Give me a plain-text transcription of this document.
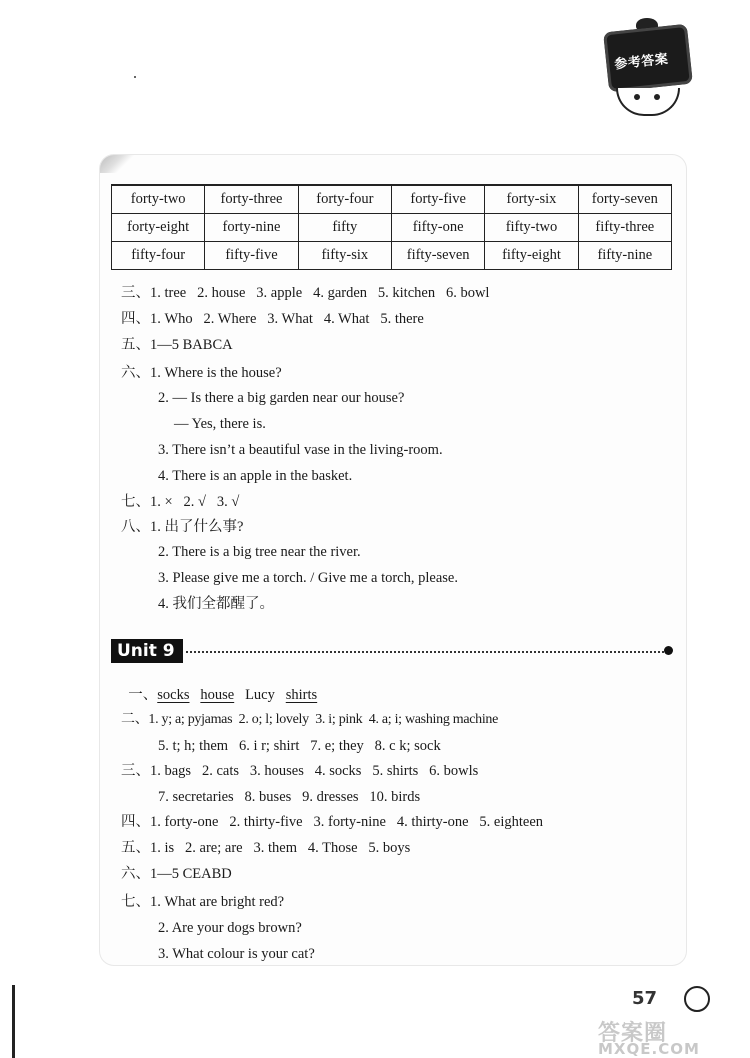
参考答案
forty-two	forty-three	forty-four	forty-five	forty-six	forty-seven
forty-eight	forty-nine	fifty	fifty-one	fifty-two	fifty-three
fifty-four	fifty-five	fifty-six	fifty-seven	fifty-eight	fifty-nine
三、1. tree   2. house   3. apple   4. garden   5. kitchen   6. bowl
四、1. Who   2. Where   3. What   4. What   5. there
五、1—5 BABCA
六、1. Where is the house?
2. — Is there a big garden near our house?
— Yes, there is.
3. There isn’t a beautiful vase in the living-room.
4. There is an apple in the basket.
七、1. ×   2. √   3. √
八、1. 出了什么事?
2. There is a big tree near the river.
3. Please give me a torch. / Give me a torch, please.
4. 我们全都醒了。
Unit 9
一、socks house Lucy shirts
二、1. y; a; pyjamas  2. o; l; lovely  3. i; pink  4. a; i; washing machine
5. t; h; them   6. i r; shirt   7. e; they   8. c k; sock
三、1. bags   2. cats   3. houses   4. socks   5. shirts   6. bowls
7. secretaries   8. buses   9. dresses   10. birds
四、1. forty-one   2. thirty-five   3. forty-nine   4. thirty-one   5. eighteen
五、1. is   2. are; are   3. them   4. Those   5. boys
六、1—5 CEABD
七、1. What are bright red?
2. Are your dogs brown?
3. What colour is your cat?
57
答案圈
MXQE.COM
